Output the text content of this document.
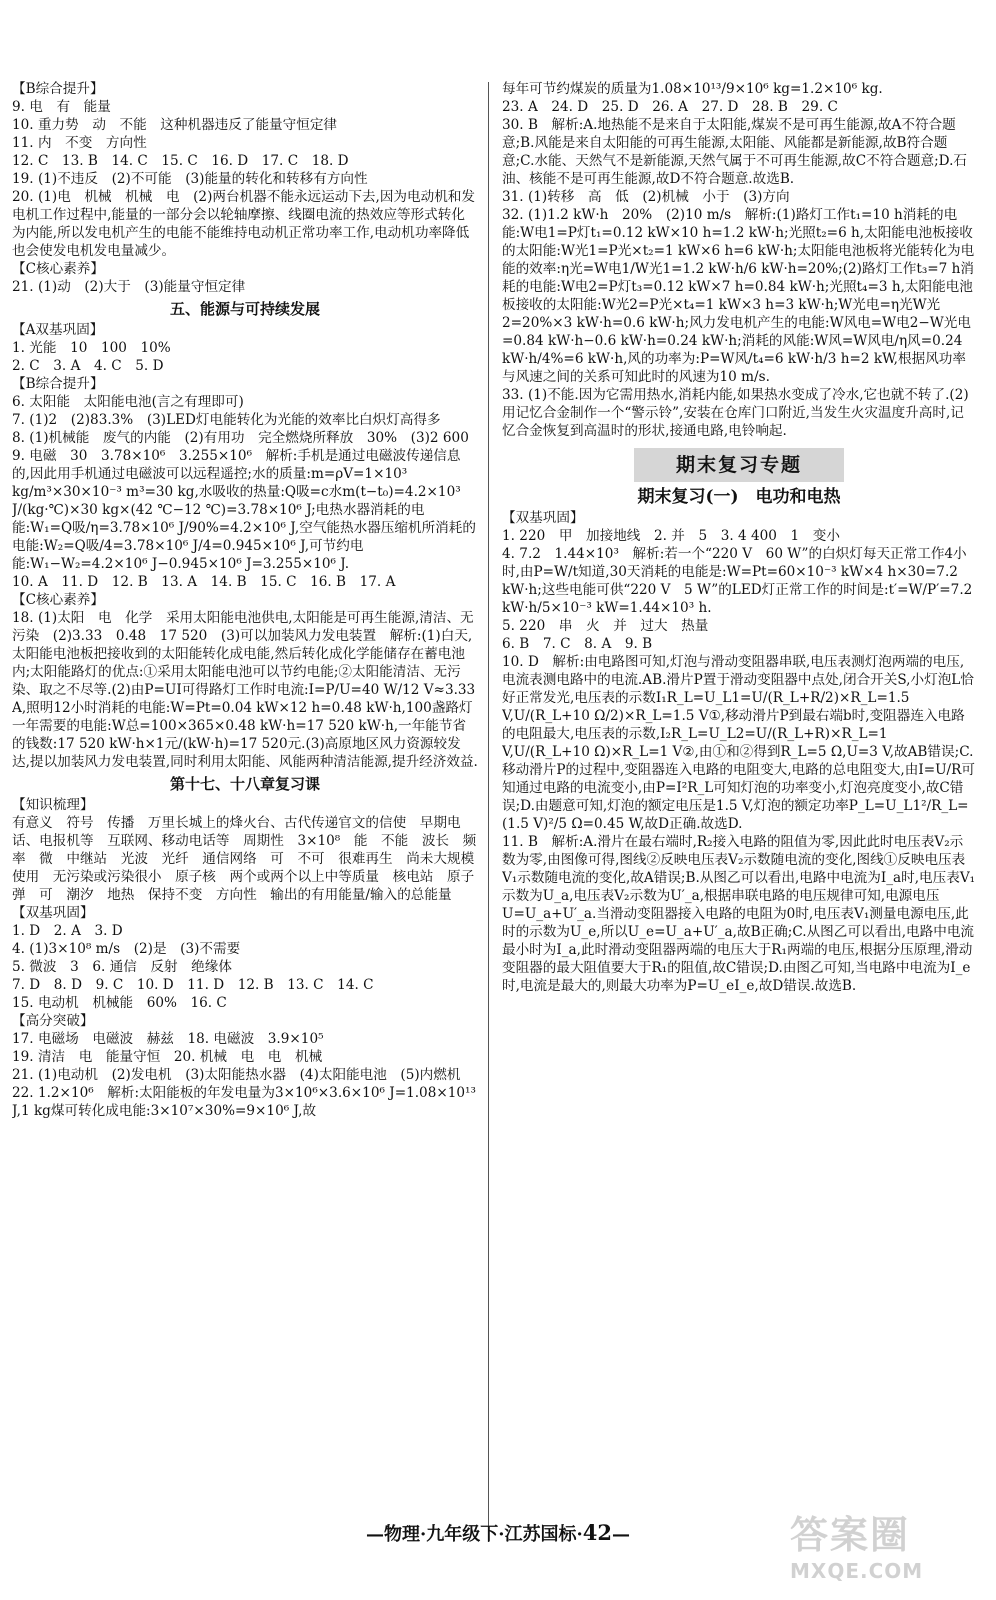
【B综合提升】
9. 电　有　能量
10. 重力势　动　不能　这种机器违反了能量守恒定律
11. 内　不变　方向性
12. C　13. B　14. C　15. C　16. D　17. C　18. D
19. (1)不违反　(2)不可能　(3)能量的转化和转移有方向性
20. (1)电　机械　机械　电　(2)两台机器不能永远运动下去,因为电动机和发电机工作过程中,能量的一部分会以轮轴摩擦、线圈电流的热效应等形式转化为内能,所以发电机产生的电能不能维持电动机正常功率工作,电动机功率降低也会使发电机发电量减少。
【C核心素养】
21. (1)动　(2)大于　(3)能量守恒定律
五、能源与可持续发展
【A双基巩固】
1. 光能　10　100　10%
2. C　3. A　4. C　5. D
【B综合提升】
6. 太阳能　太阳能电池(言之有理即可)
7. (1)2　(2)83.3%　(3)LED灯电能转化为光能的效率比白炽灯高得多
8. (1)机械能　废气的内能　(2)有用功　完全燃烧所释放　30%　(3)2 600
9. 电磁　30　3.78×10⁶　3.255×10⁶　解析:手机是通过电磁波传递信息的,因此用手机通过电磁波可以远程遥控;水的质量:m=ρV=1×10³ kg/m³×30×10⁻³ m³=30 kg,水吸收的热量:Q吸=c水m(t−t₀)=4.2×10³ J/(kg·℃)×30 kg×(42 ℃−12 ℃)=3.78×10⁶ J;电热水器消耗的电能:W₁=Q吸/η=3.78×10⁶ J/90%=4.2×10⁶ J,空气能热水器压缩机所消耗的电能:W₂=Q吸/4=3.78×10⁶ J/4=0.945×10⁶ J,可节约电能:W₁−W₂=4.2×10⁶ J−0.945×10⁶ J=3.255×10⁶ J.
10. A　11. D　12. B　13. A　14. B　15. C　16. B　17. A
【C核心素养】
18. (1)太阳　电　化学　采用太阳能电池供电,太阳能是可再生能源,清洁、无污染　(2)3.33　0.48　17 520　(3)可以加装风力发电装置　解析:(1)白天,太阳能电池板把接收到的太阳能转化成电能,然后转化成化学能储存在蓄电池内;太阳能路灯的优点:①采用太阳能电池可以节约电能;②太阳能清洁、无污染、取之不尽等.(2)由P=UI可得路灯工作时电流:I=P/U=40 W/12 V≈3.33 A,照明12小时消耗的电能:W=Pt=0.04 kW×12 h=0.48 kW·h,100盏路灯一年需要的电能:W总=100×365×0.48 kW·h=17 520 kW·h,一年能节省的钱数:17 520 kW·h×1元/(kW·h)=17 520元.(3)高原地区风力资源较发达,提以加装风力发电装置,同时利用太阳能、风能两种清洁能源,提升经济效益.
第十七、十八章复习课
【知识梳理】
有意义　符号　传播　万里长城上的烽火台、古代传递官文的信使　早期电话、电报机等　互联网、移动电话等　周期性　3×10⁸　能　不能　波长　频率　微　中继站　光波　光纤　通信网络　可　不可　很难再生　尚未大规模使用　无污染或污染很小　原子核　两个或两个以上中等质量　核电站　原子弹　可　潮汐　地热　保持不变　方向性　输出的有用能量/输入的总能量
【双基巩固】
1. D　2. A　3. D
4. (1)3×10⁸ m/s　(2)是　(3)不需要
5. 微波　3　6. 通信　反射　绝缘体
7. D　8. D　9. C　10. D　11. D　12. B　13. C　14. C
15. 电动机　机械能　60%　16. C
【高分突破】
17. 电磁场　电磁波　赫兹　18. 电磁波　3.9×10⁵
19. 清洁　电　能量守恒　20. 机械　电　电　机械
21. (1)电动机　(2)发电机　(3)太阳能热水器　(4)太阳能电池　(5)内燃机
22. 1.2×10⁶　解析:太阳能板的年发电量为3×10⁶×3.6×10⁶ J=1.08×10¹³ J,1 kg煤可转化成电能:3×10⁷×30%=9×10⁶ J,故
每年可节约煤炭的质量为1.08×10¹³/9×10⁶ kg=1.2×10⁶ kg.
23. A　24. D　25. D　26. A　27. D　28. B　29. C
30. B　解析:A.地热能不是来自于太阳能,煤炭不是可再生能源,故A不符合题意;B.风能是来自太阳能的可再生能源,太阳能、风能都是新能源,故B符合题意;C.水能、天然气不是新能源,天然气属于不可再生能源,故C不符合题意;D.石油、核能不是可再生能源,故D不符合题意.故选B.
31. (1)转移　高　低　(2)机械　小于　(3)方向
32. (1)1.2 kW·h　20%　(2)10 m/s　解析:(1)路灯工作t₁=10 h消耗的电能:W电1=P灯t₁=0.12 kW×10 h=1.2 kW·h;光照t₂=6 h,太阳能电池板接收的太阳能:W光1=P光×t₂=1 kW×6 h=6 kW·h;太阳能电池板将光能转化为电能的效率:η光=W电1/W光1=1.2 kW·h/6 kW·h=20%;(2)路灯工作t₃=7 h消耗的电能:W电2=P灯t₃=0.12 kW×7 h=0.84 kW·h;光照t₄=3 h,太阳能电池板接收的太阳能:W光2=P光×t₄=1 kW×3 h=3 kW·h;W光电=η光W光2=20%×3 kW·h=0.6 kW·h;风力发电机产生的电能:W风电=W电2−W光电=0.84 kW·h−0.6 kW·h=0.24 kW·h;消耗的风能:W风=W风电/η风=0.24 kW·h/4%=6 kW·h,风的功率为:P=W风/t₄=6 kW·h/3 h=2 kW,根据风功率与风速之间的关系可知此时的风速为10 m/s.
33. (1)不能.因为它需用热水,消耗内能,如果热水变成了冷水,它也就不转了.(2)用记忆合金制作一个“警示铃”,安装在仓库门口附近,当发生火灾温度升高时,记忆合金恢复到高温时的形状,接通电路,电铃响起.
期末复习专题
期末复习(一)　电功和电热
【双基巩固】
1. 220　甲　加接地线　2. 并　5　3. 4 400　1　变小
4. 7.2　1.44×10³　解析:若一个“220 V　60 W”的白炽灯每天正常工作4小时,由P=W/t知道,30天消耗的电能是:W=Pt=60×10⁻³ kW×4 h×30=7.2 kW·h;这些电能可供“220 V　5 W”的LED灯正常工作的时间是:t′=W/P′=7.2 kW·h/5×10⁻³ kW=1.44×10³ h.
5. 220　串　火　并　过大　热量
6. B　7. C　8. A　9. B
10. D　解析:由电路图可知,灯泡与滑动变阻器串联,电压表测灯泡两端的电压,电流表测电路中的电流.AB.滑片P置于滑动变阻器中点处,闭合开关S,小灯泡L恰好正常发光,电压表的示数I₁R_L=U_L1=U/(R_L+R/2)×R_L=1.5 V,U/(R_L+10 Ω/2)×R_L=1.5 V①,移动滑片P到最右端b时,变阻器连入电路的电阻最大,电压表的示数,I₂R_L=U_L2=U/(R_L+R)×R_L=1 V,U/(R_L+10 Ω)×R_L=1 V②,由①和②得到R_L=5 Ω,U=3 V,故AB错误;C.移动滑片P的过程中,变阻器连入电路的电阻变大,电路的总电阻变大,由I=U/R可知通过电路的电流变小,由P=I²R_L可知灯泡的功率变小,灯泡亮度变小,故C错误;D.由题意可知,灯泡的额定电压是1.5 V,灯泡的额定功率P_L=U_L1²/R_L=(1.5 V)²/5 Ω=0.45 W,故D正确.故选D.
11. B　解析:A.滑片在最右端时,R₂接入电路的阻值为零,因此此时电压表V₂示数为零,由图像可得,图线②反映电压表V₂示数随电流的变化,图线①反映电压表V₁示数随电流的变化,故A错误;B.从图乙可以看出,电路中电流为I_a时,电压表V₁示数为U_a,电压表V₂示数为U′_a,根据串联电路的电压规律可知,电源电压U=U_a+U′_a.当滑动变阻器接入电路的电阻为0时,电压表V₁测量电源电压,此时的示数为U_e,所以U_e=U_a+U′_a,故B正确;C.从图乙可以看出,电路中电流最小时为I_a,此时滑动变阻器两端的电压大于R₁两端的电压,根据分压原理,滑动变阻器的最大阻值要大于R₁的阻值,故C错误;D.由图乙可知,当电路中电流为I_e时,电流是最大的,则最大功率为P=U_eI_e,故D错误.故选B.
—物理·九年级下·江苏国标·42—	答案圈
MXQE.COM
